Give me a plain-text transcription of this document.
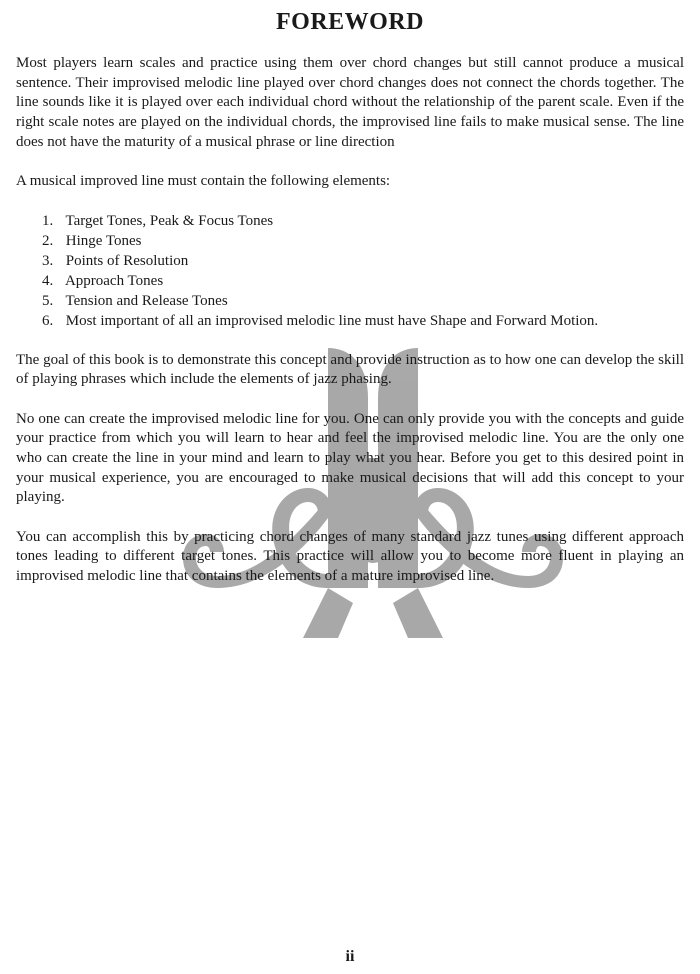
FOREWORD

Most players learn scales and practice using them over chord changes but still cannot produce a musical sentence. Their improvised melodic line played over chord changes does not connect the chords together. The line sounds like it is played over each individual chord without the relationship of the parent scale. Even if the right scale notes are played on the individual chords, the improvised line fails to make musical sense. The line does not have the maturity of a musical phrase or line direction

A musical improved line must contain the following elements:

1. Target Tones, Peak & Focus Tones
2. Hinge Tones
3. Points of Resolution
4. Approach Tones
5. Tension and Release Tones
6. Most important of all an improvised melodic line must have Shape and Forward Motion.

The goal of this book is to demonstrate this concept and provide instruction as to how one can develop the skill of playing phrases which include the elements of jazz phasing.

No one can create the improvised melodic line for you. One can only provide you with the concepts and guide your practice from which you will learn to hear and feel the improvised melodic line. You are the only one who can create the line in your mind and learn to play what you hear. Before you get to this desired point in your musical experience, you are encouraged to make musical decisions that will add this concept to your playing.

You can accomplish this by practicing chord changes of many standard jazz tunes using different approach tones leading to different target tones. This practice will allow you to become more fluent in playing an improvised melodic line that contains the elements of a mature improvised line.

ii
